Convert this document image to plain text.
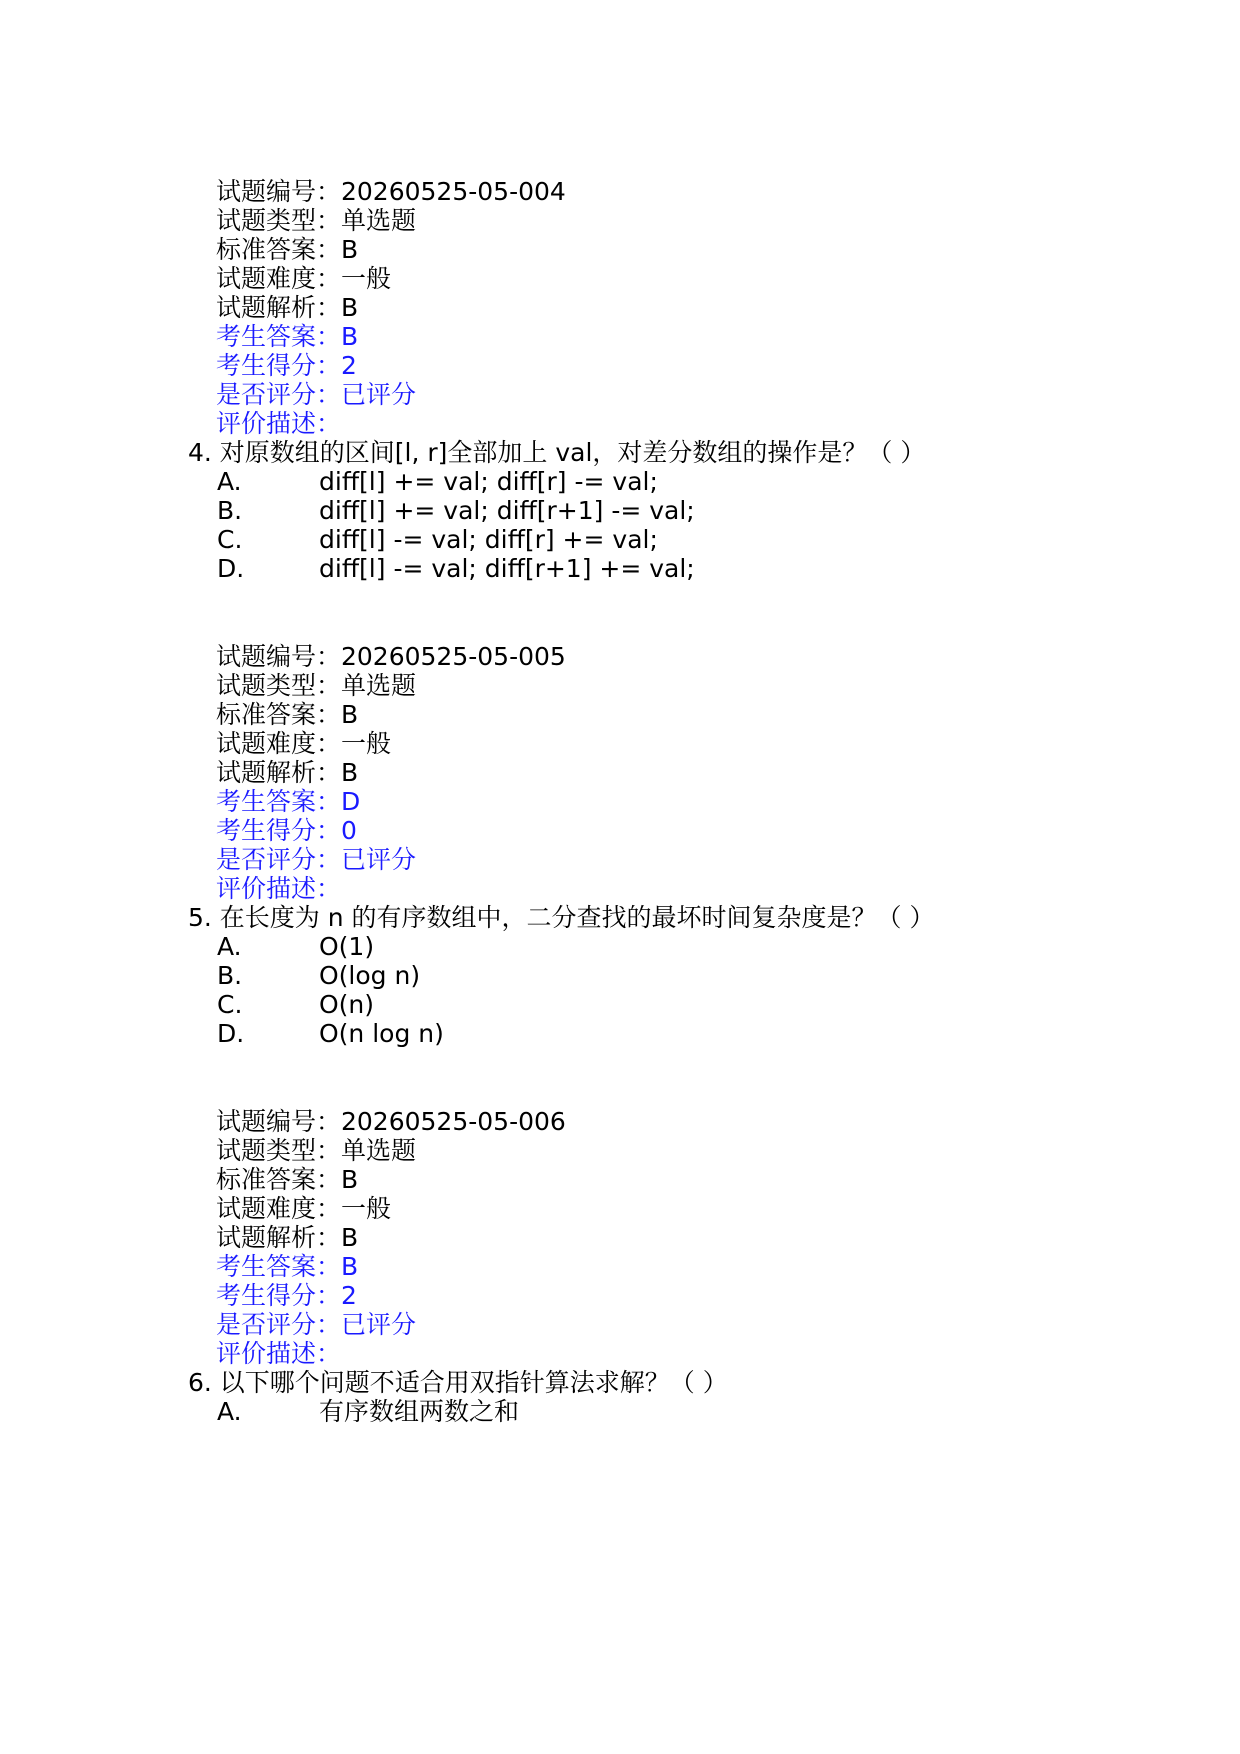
试题编号：20260525-05-004
试题类型：单选题
标准答案：B
试题难度：一般
试题解析：B
考生答案：B
考生得分：2
是否评分：已评分
评价描述：
4. 对原数组的区间[l, r]全部加上 val，对差分数组的操作是？（ ）
A.	diff[l] += val; diff[r] -= val;
B.	diff[l] += val; diff[r+1] -= val;
C.	diff[l] -= val; diff[r] += val;
D.	diff[l] -= val; diff[r+1] += val;
试题编号：20260525-05-005
试题类型：单选题
标准答案：B
试题难度：一般
试题解析：B
考生答案：D
考生得分：0
是否评分：已评分
评价描述：
5. 在长度为 n 的有序数组中，二分查找的最坏时间复杂度是？（ ）
A.	O(1)
B.	O(log n)
C.	O(n)
D.	O(n log n)
试题编号：20260525-05-006
试题类型：单选题
标准答案：B
试题难度：一般
试题解析：B
考生答案：B
考生得分：2
是否评分：已评分
评价描述：
6. 以下哪个问题不适合用双指针算法求解？（ ）
A.	有序数组两数之和
